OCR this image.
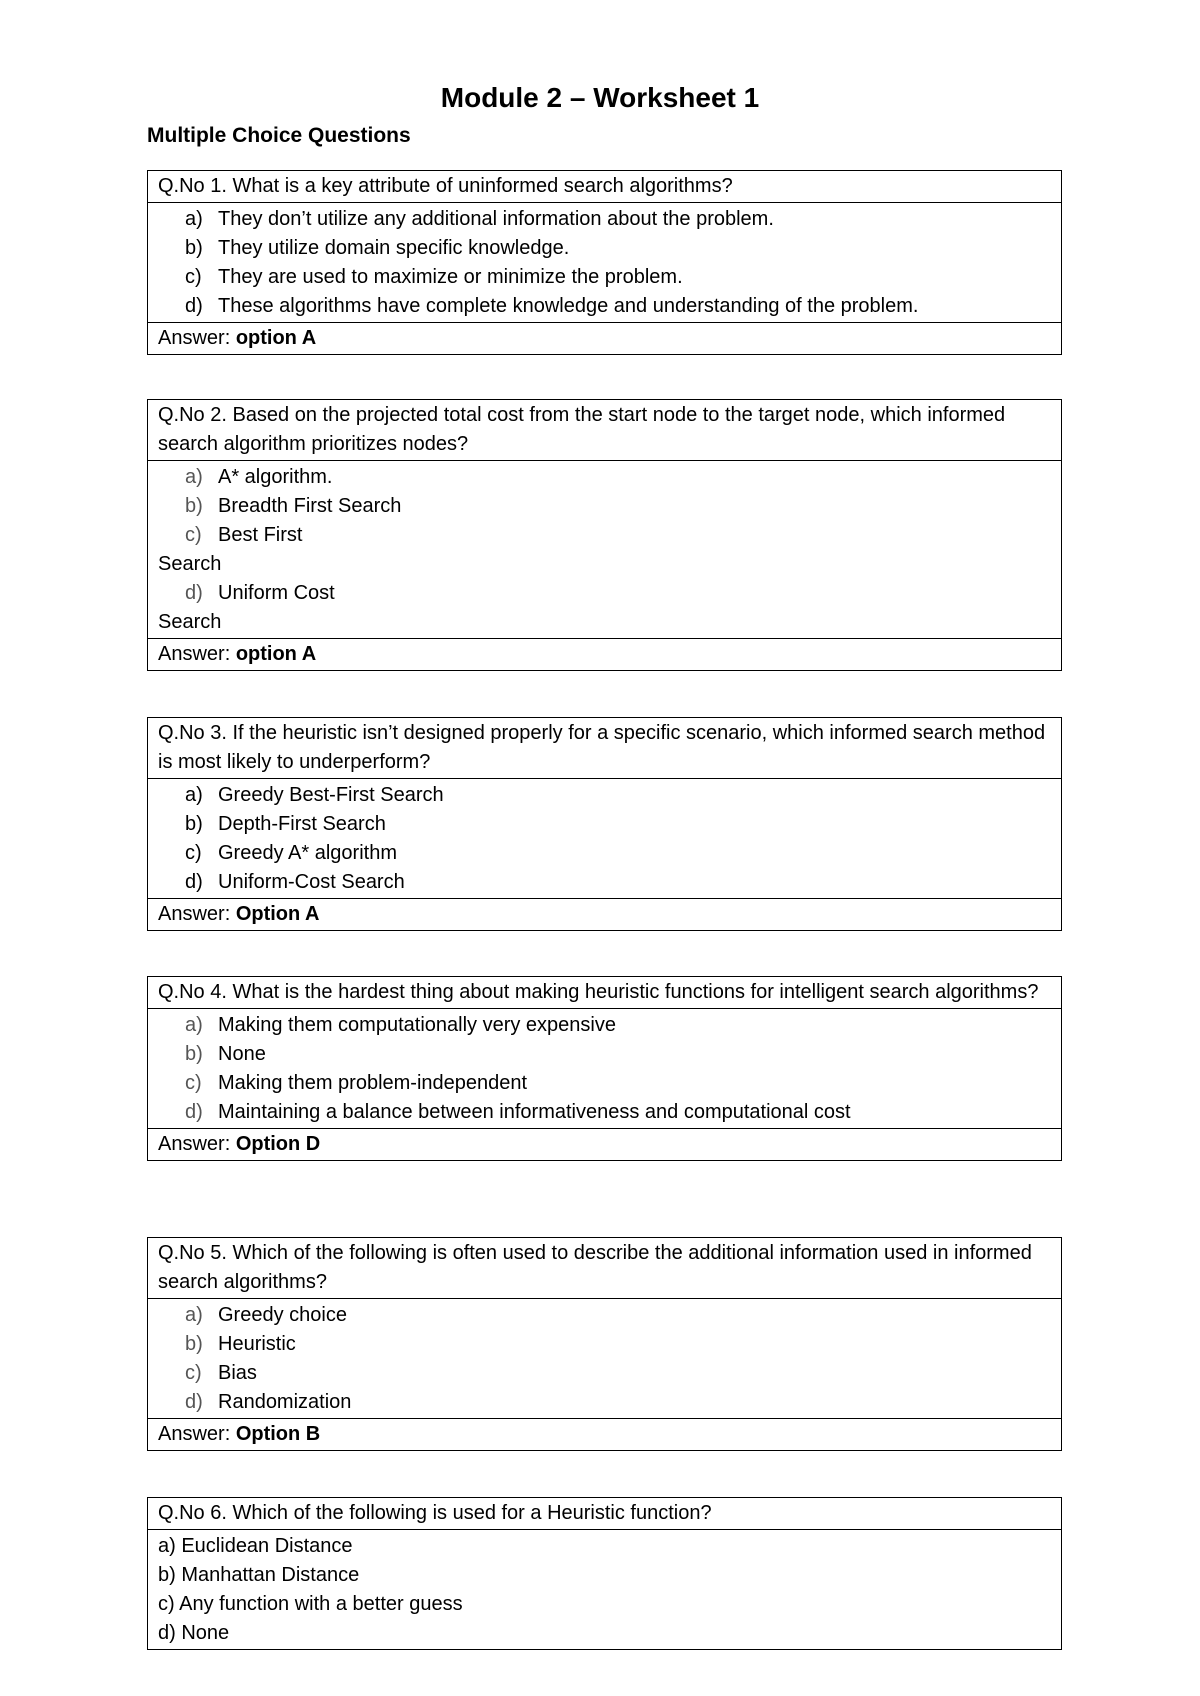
Module 2 – Worksheet 1
Multiple Choice Questions
Q.No 1. What is a key attribute of uninformed search algorithms?
a) They don’t utilize any additional information about the problem.
b) They utilize domain specific knowledge.
c) They are used to maximize or minimize the problem.
d) These algorithms have complete knowledge and understanding of the problem.
Answer: option A
Q.No 2. Based on the projected total cost from the start node to the target node, which informed search algorithm prioritizes nodes?
a) A* algorithm.
b) Breadth First Search
c) Best First
Search
d) Uniform Cost
Search
Answer: option A
Q.No 3. If the heuristic isn’t designed properly for a specific scenario, which informed search method is most likely to underperform?
a) Greedy Best-First Search
b) Depth-First Search
c) Greedy A* algorithm
d) Uniform-Cost Search
Answer: Option A
Q.No 4. What is the hardest thing about making heuristic functions for intelligent search algorithms?
a) Making them computationally very expensive
b) None
c) Making them problem-independent
d) Maintaining a balance between informativeness and computational cost
Answer: Option D
Q.No 5. Which of the following is often used to describe the additional information used in informed search algorithms?
a) Greedy choice
b) Heuristic
c) Bias
d) Randomization
Answer: Option B
Q.No 6. Which of the following is used for a Heuristic function?
a) Euclidean Distance
b) Manhattan Distance
c) Any function with a better guess
d) None
